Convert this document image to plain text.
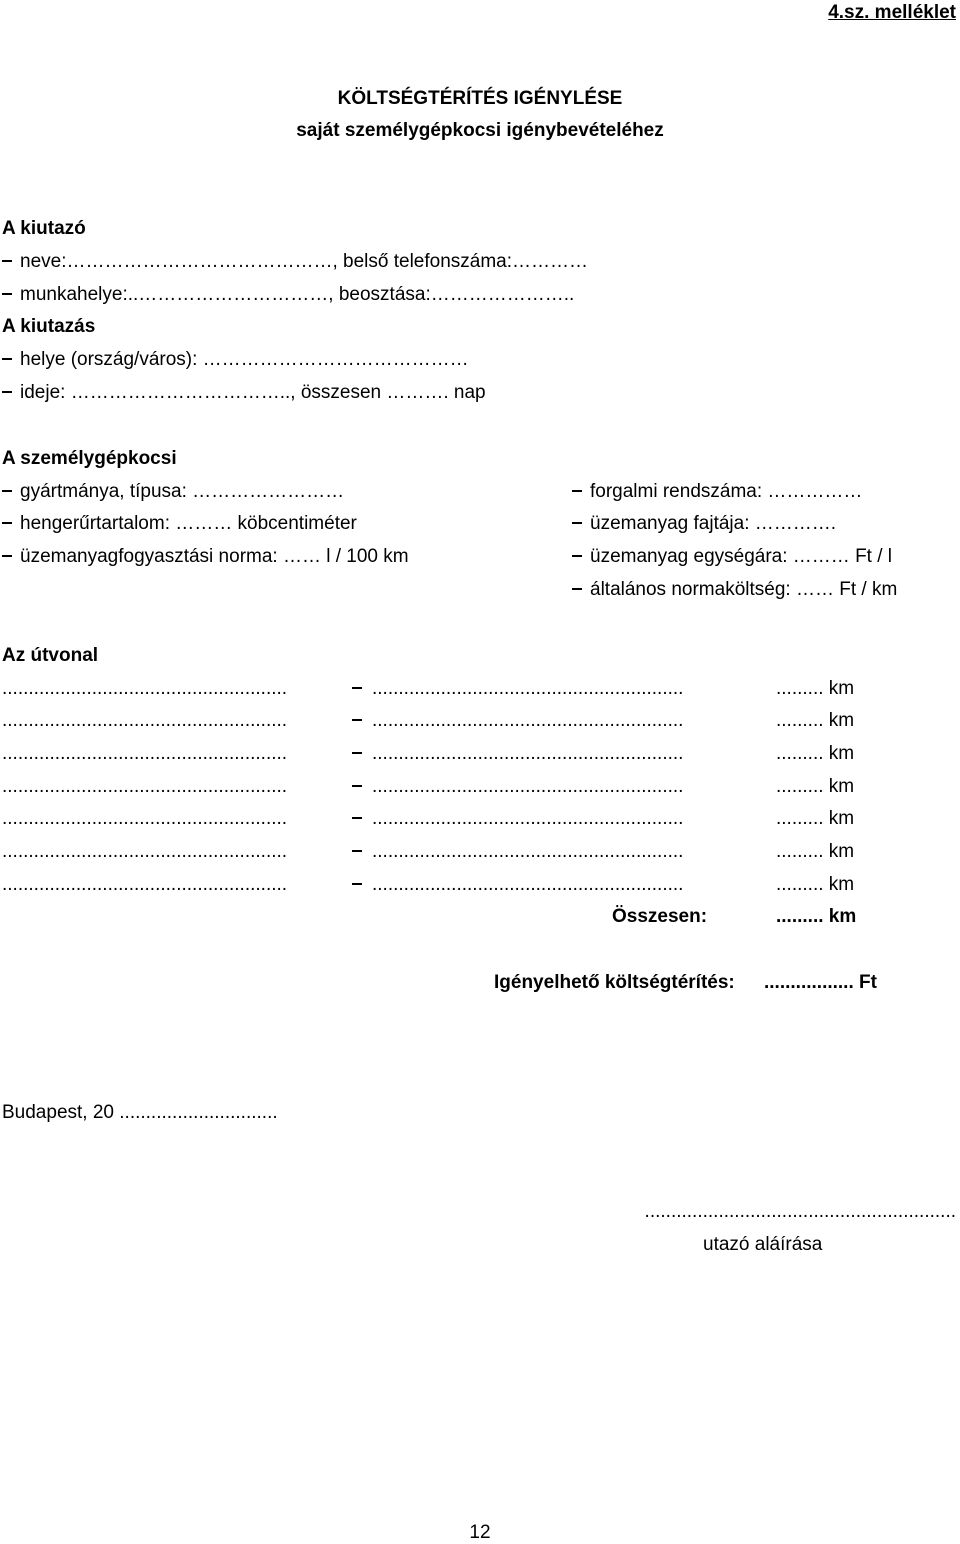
4.sz. melléklet
KÖLTSÉGTÉRÍTÉS IGÉNYLÉSE
saját személygépkocsi igénybevételéhez
A kiutazó
neve:……………………………………, belső telefonszáma:…………
munkahelye:..…………………………, beosztása:…………………..
A kiutazás
helye (ország/város): ……………………………………
ideje: …………………………….., összesen ………. nap
A személygépkocsi
gyártmánya, típusa: ……………………
hengerűrtartalom: ……… köbcentiméter
üzemanyagfogyasztási norma: …… l / 100 km
forgalmi rendszáma: ……………
üzemanyag fajtája: ………….
üzemanyag egységára: ……… Ft / l
általános normaköltség: …… Ft / km
Az útvonal
......................................................	...........................................................	......... km
......................................................	...........................................................	......... km
......................................................	...........................................................	......... km
......................................................	...........................................................	......... km
......................................................	...........................................................	......... km
......................................................	...........................................................	......... km
......................................................	...........................................................	......... km
Összesen:	......... km
Igényelhető költségtérítés: ................. Ft
Budapest, 20 ..............................
...........................................................
utazó aláírása
12
